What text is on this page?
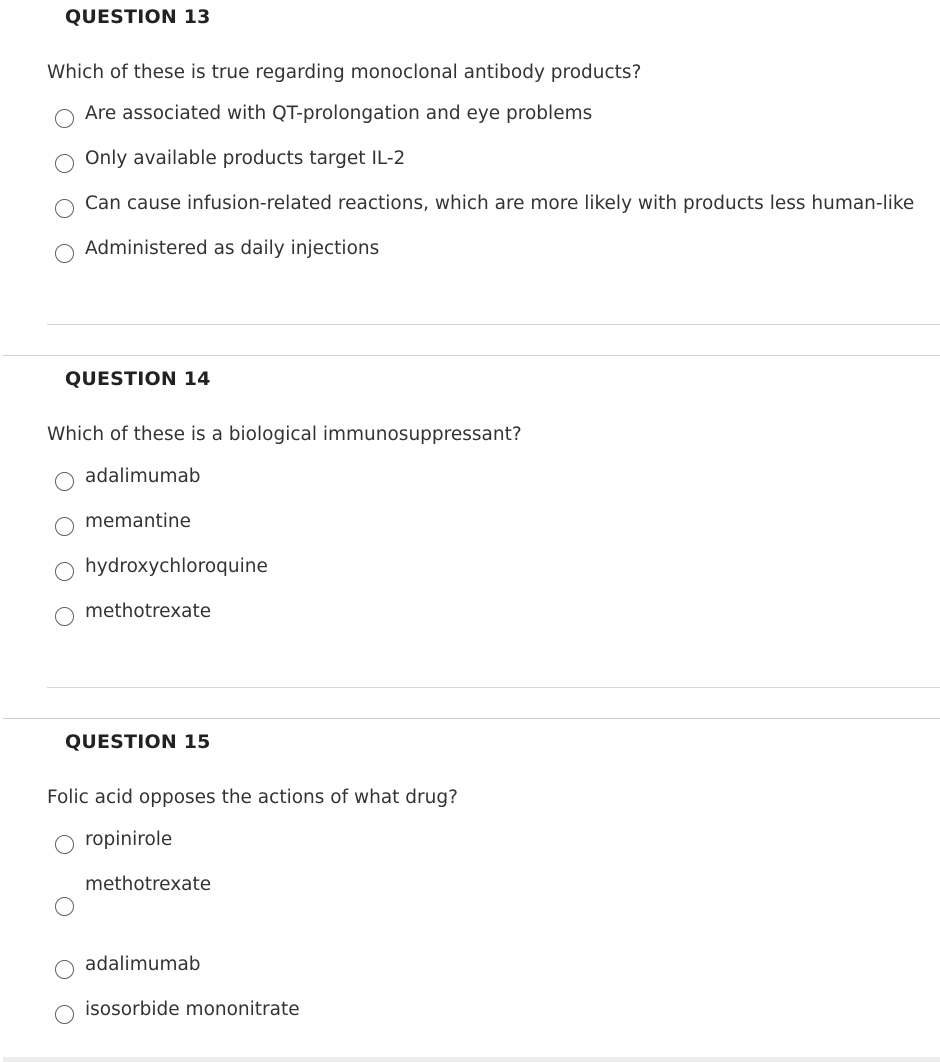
QUESTION 13
Which of these is true regarding monoclonal antibody products?
Are associated with QT-prolongation and eye problems
Only available products target IL-2
Can cause infusion-related reactions, which are more likely with products less human-like
Administered as daily injections
QUESTION 14
Which of these is a biological immunosuppressant?
adalimumab
memantine
hydroxychloroquine
methotrexate
QUESTION 15
Folic acid opposes the actions of what drug?
ropinirole
methotrexate
adalimumab
isosorbide mononitrate
